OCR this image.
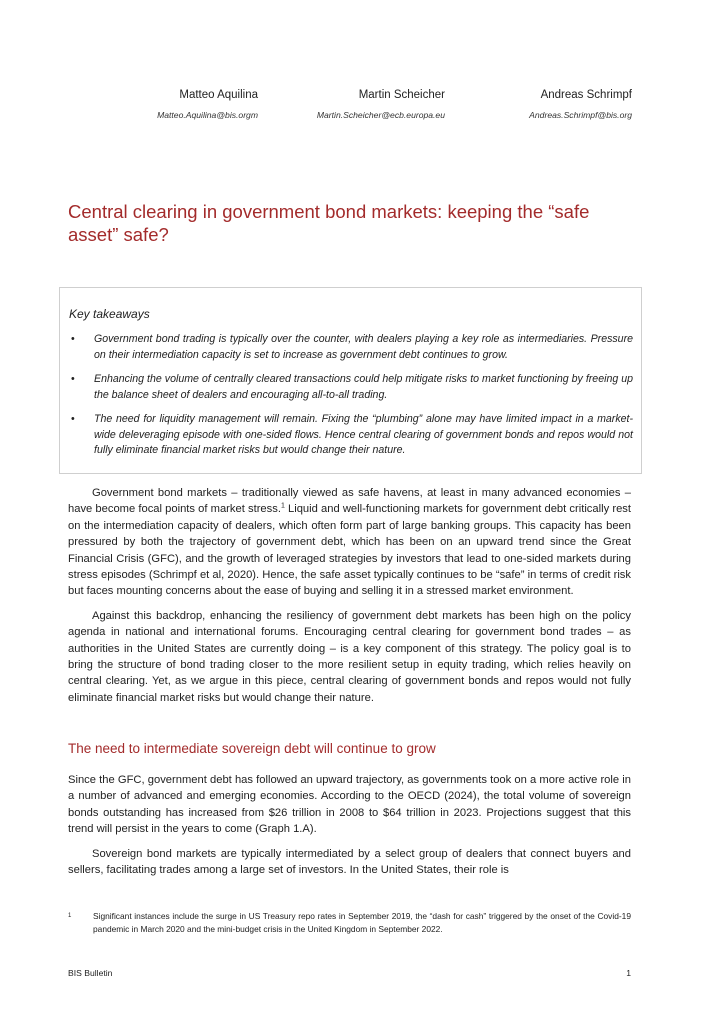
Matteo Aquilina
Matteo.Aquilina@bis.orgm
Martin Scheicher
Martin.Scheicher@ecb.europa.eu
Andreas Schrimpf
Andreas.Schrimpf@bis.org
Central clearing in government bond markets: keeping the “safe asset” safe?
Key takeaways
• Government bond trading is typically over the counter, with dealers playing a key role as intermediaries. Pressure on their intermediation capacity is set to increase as government debt continues to grow.
• Enhancing the volume of centrally cleared transactions could help mitigate risks to market functioning by freeing up the balance sheet of dealers and encouraging all-to-all trading.
• The need for liquidity management will remain. Fixing the “plumbing” alone may have limited impact in a market-wide deleveraging episode with one-sided flows. Hence central clearing of government bonds and repos would not fully eliminate financial market risks but would change their nature.

Government bond markets – traditionally viewed as safe havens, at least in many advanced economies – have become focal points of market stress.$^1$ Liquid and well-functioning markets for government debt critically rest on the intermediation capacity of dealers, which often form part of large banking groups. This capacity has been pressured by both the trajectory of government debt, which has been on an upward trend since the Great Financial Crisis (GFC), and the growth of leveraged strategies by investors that lead to one-sided markets during stress episodes (Schrimpf et al, 2020). Hence, the safe asset typically continues to be “safe” in terms of credit risk but faces mounting concerns about the ease of buying and selling it in a stressed market environment.

Against this backdrop, enhancing the resiliency of government debt markets has been high on the policy agenda in national and international forums. Encouraging central clearing for government bond trades – as authorities in the United States are currently doing – is a key component of this strategy. The policy goal is to bring the structure of bond trading closer to the more resilient setup in equity trading, which relies heavily on central clearing. Yet, as we argue in this piece, central clearing of government bonds and repos would not fully eliminate financial market risks but would change their nature.

The need to intermediate sovereign debt will continue to grow

Since the GFC, government debt has followed an upward trajectory, as governments took on a more active role in a number of advanced and emerging economies. According to the OECD (2024), the total volume of sovereign bonds outstanding has increased from $26 trillion in 2008 to $64 trillion in 2023. Projections suggest that this trend will persist in the years to come (Graph 1.A).

Sovereign bond markets are typically intermediated by a select group of dealers that connect buyers and sellers, facilitating trades among a large set of investors. In the United States, their role is

1	Significant instances include the surge in US Treasury repo rates in September 2019, the “dash for cash” triggered by the onset of the Covid-19 pandemic in March 2020 and the mini-budget crisis in the United Kingdom in September 2022.
BIS Bulletin	1
